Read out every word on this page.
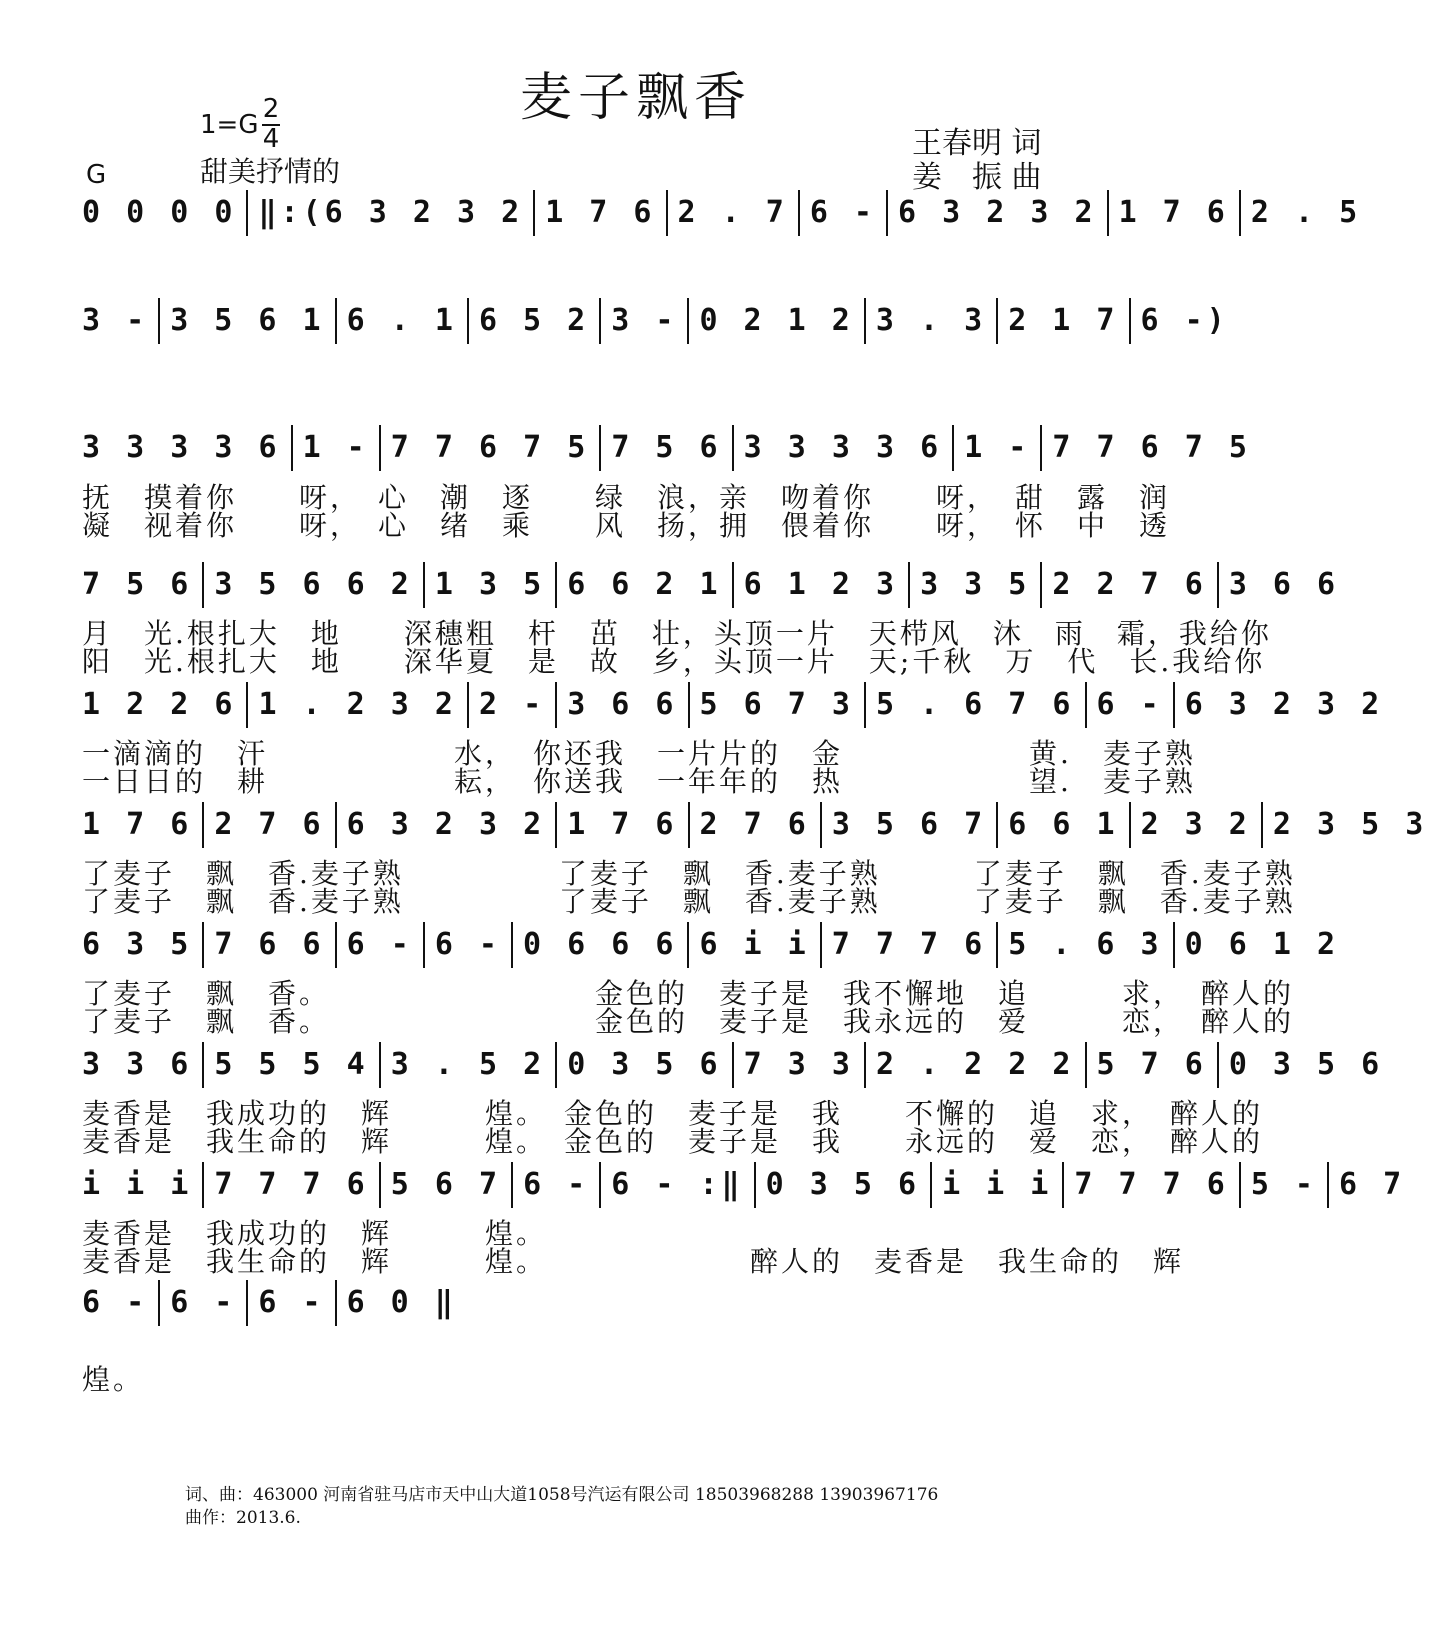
麦子飘香
1=G
2
4
甜美抒情的
G
王春明 词
姜　振 曲
0 0 0 0 ‖:(6 3 2 3 2 1 7 6 2 . 7 6 - 6 3 2 3 2 1 7 6 2 . 5
3 - 3 5 6 1 6 . 1 6 5 2 3 - 0 2 1 2 3 . 3 2 1 7 6 -)
3 3 3 3 6 1 - 7 7 6 7 5 7 5 6 3 3 3 3 6 1 - 7 7 6 7 5
抚　摸着你　　呀，　心　潮　逐　　绿　浪，亲　吻着你　　呀，　甜　露　润
凝　视着你　　呀，　心　绪　乘　　风　扬，拥　偎着你　　呀，　怀　中　透
7 5 6 3 5 6 6 2 1 3 5 6 6 2 1 6 1 2 3 3 3 5 2 2 7 6 3 6 6
月　光.根扎大　地　　深穗粗　杆　茁　壮，头顶一片　天栉风　沐　雨　霜，我给你
阳　光.根扎大　地　　深华夏　是　故　乡，头顶一片　天;千秋　万　代　长.我给你
1 2 2 6 1 . 2 3 2 2 - 3 6 6 5 6 7 3 5 . 6 7 6 6 - 6 3 2 3 2
一滴滴的　汗　　　　　　水，　你还我　一片片的　金　　　　　　黄.　麦子熟
一日日的　耕　　　　　　耘，　你送我　一年年的　热　　　　　　望.　麦子熟
1 7 6 2 7 6 6 3 2 3 2 1 7 6 2 7 6 3 5 6 7 6 6 1 2 3 2 2 3 5 3
了麦子　飘　香.麦子熟　　　　　了麦子　飘　香.麦子熟　　　了麦子　飘　香.麦子熟
了麦子　飘　香.麦子熟　　　　　了麦子　飘　香.麦子熟　　　了麦子　飘　香.麦子熟
6 3 5 7 6 6 6 - 6 - 0 6 6 6 6 i i 7 7 7 6 5 . 6 3 0 6 1 2
了麦子　飘　香。　　　　　　　　　金色的　麦子是　我不懈地　追　　　求，　醉人的
了麦子　飘　香。　　　　　　　　　金色的　麦子是　我永远的　爱　　　恋，　醉人的
3 3 6 5 5 5 4 3 . 5 2 0 3 5 6 7 3 3 2 . 2 2 2 5 7 6 0 3 5 6
麦香是　我成功的　辉　　　煌。　金色的　麦子是　我　　不懈的　追　求，　醉人的
麦香是　我生命的　辉　　　煌。　金色的　麦子是　我　　永远的　爱　恋，　醉人的
i i i 7 7 7 6 5 6 7 6 - 6 - :‖ 0 3 5 6 i i i 7 7 7 6 5 - 6 7
麦香是　我成功的　辉　　　煌。
麦香是　我生命的　辉　　　煌。　　　　　　　醉人的　麦香是　我生命的　辉
6 - 6 - 6 - 6 0 ‖
煌。
词、曲：463000 河南省驻马店市天中山大道1058号汽运有限公司 18503968288 13903967176
曲作：2013.6.
